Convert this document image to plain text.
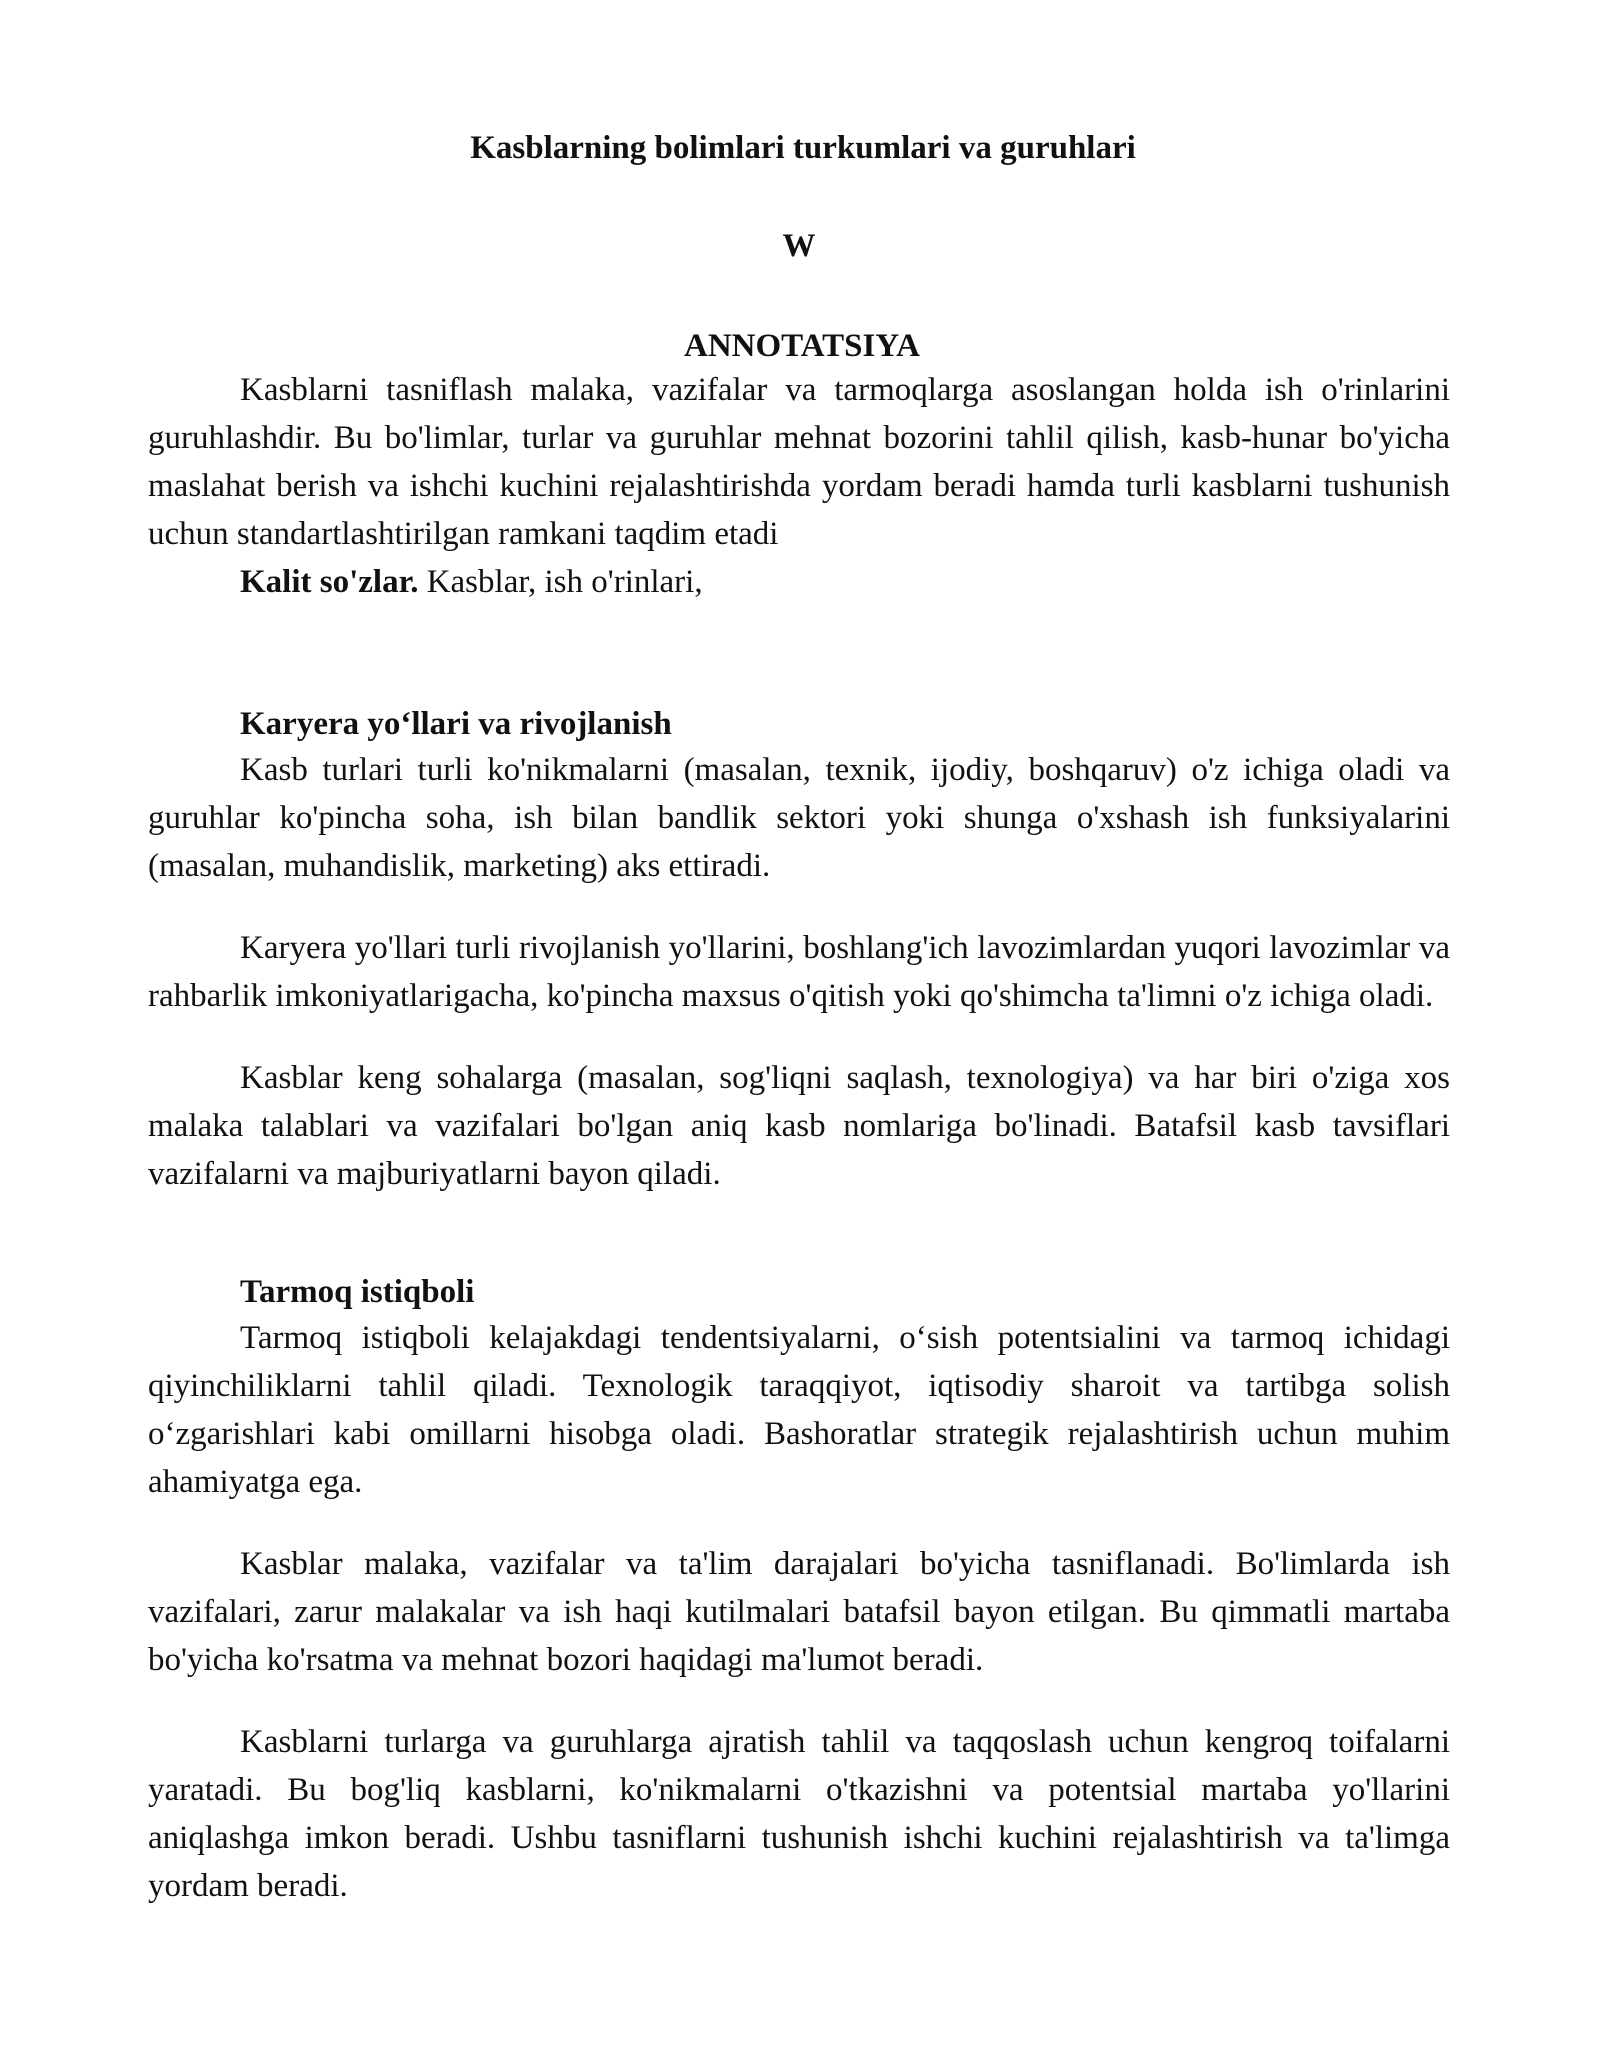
Kasblarning bolimlari turkumlari va guruhlari
W
ANNOTATSIYA

Kasblarni tasniflash malaka, vazifalar va tarmoqlarga asoslangan holda ish o'rinlarini guruhlashdir. Bu bo'limlar, turlar va guruhlar mehnat bozorini tahlil qilish, kasb-hunar bo'yicha maslahat berish va ishchi kuchini rejalashtirishda yordam beradi hamda turli kasblarni tushunish uchun standartlashtirilgan ramkani taqdim etadi

Kalit so'zlar. Kasblar, ish o'rinlari,

Karyera yo‘llari va rivojlanish

Kasb turlari turli ko'nikmalarni (masalan, texnik, ijodiy, boshqaruv) o'z ichiga oladi va guruhlar ko'pincha soha, ish bilan bandlik sektori yoki shunga o'xshash ish funksiyalarini (masalan, muhandislik, marketing) aks ettiradi.

Karyera yo'llari turli rivojlanish yo'llarini, boshlang'ich lavozimlardan yuqori lavozimlar va rahbarlik imkoniyatlarigacha, ko'pincha maxsus o'qitish yoki qo'shimcha ta'limni o'z ichiga oladi.

Kasblar keng sohalarga (masalan, sog'liqni saqlash, texnologiya) va har biri o'ziga xos malaka talablari va vazifalari bo'lgan aniq kasb nomlariga bo'linadi. Batafsil kasb tavsiflari vazifalarni va majburiyatlarni bayon qiladi.

Tarmoq istiqboli

Tarmoq istiqboli kelajakdagi tendentsiyalarni, o‘sish potentsialini va tarmoq ichidagi qiyinchiliklarni tahlil qiladi. Texnologik taraqqiyot, iqtisodiy sharoit va tartibga solish o‘zgarishlari kabi omillarni hisobga oladi. Bashoratlar strategik rejalashtirish uchun muhim ahamiyatga ega.

Kasblar malaka, vazifalar va ta'lim darajalari bo'yicha tasniflanadi. Bo'limlarda ish vazifalari, zarur malakalar va ish haqi kutilmalari batafsil bayon etilgan. Bu qimmatli martaba bo'yicha ko'rsatma va mehnat bozori haqidagi ma'lumot beradi.

Kasblarni turlarga va guruhlarga ajratish tahlil va taqqoslash uchun kengroq toifalarni yaratadi. Bu bog'liq kasblarni, ko'nikmalarni o'tkazishni va potentsial martaba yo'llarini aniqlashga imkon beradi. Ushbu tasniflarni tushunish ishchi kuchini rejalashtirish va ta'limga yordam beradi.
